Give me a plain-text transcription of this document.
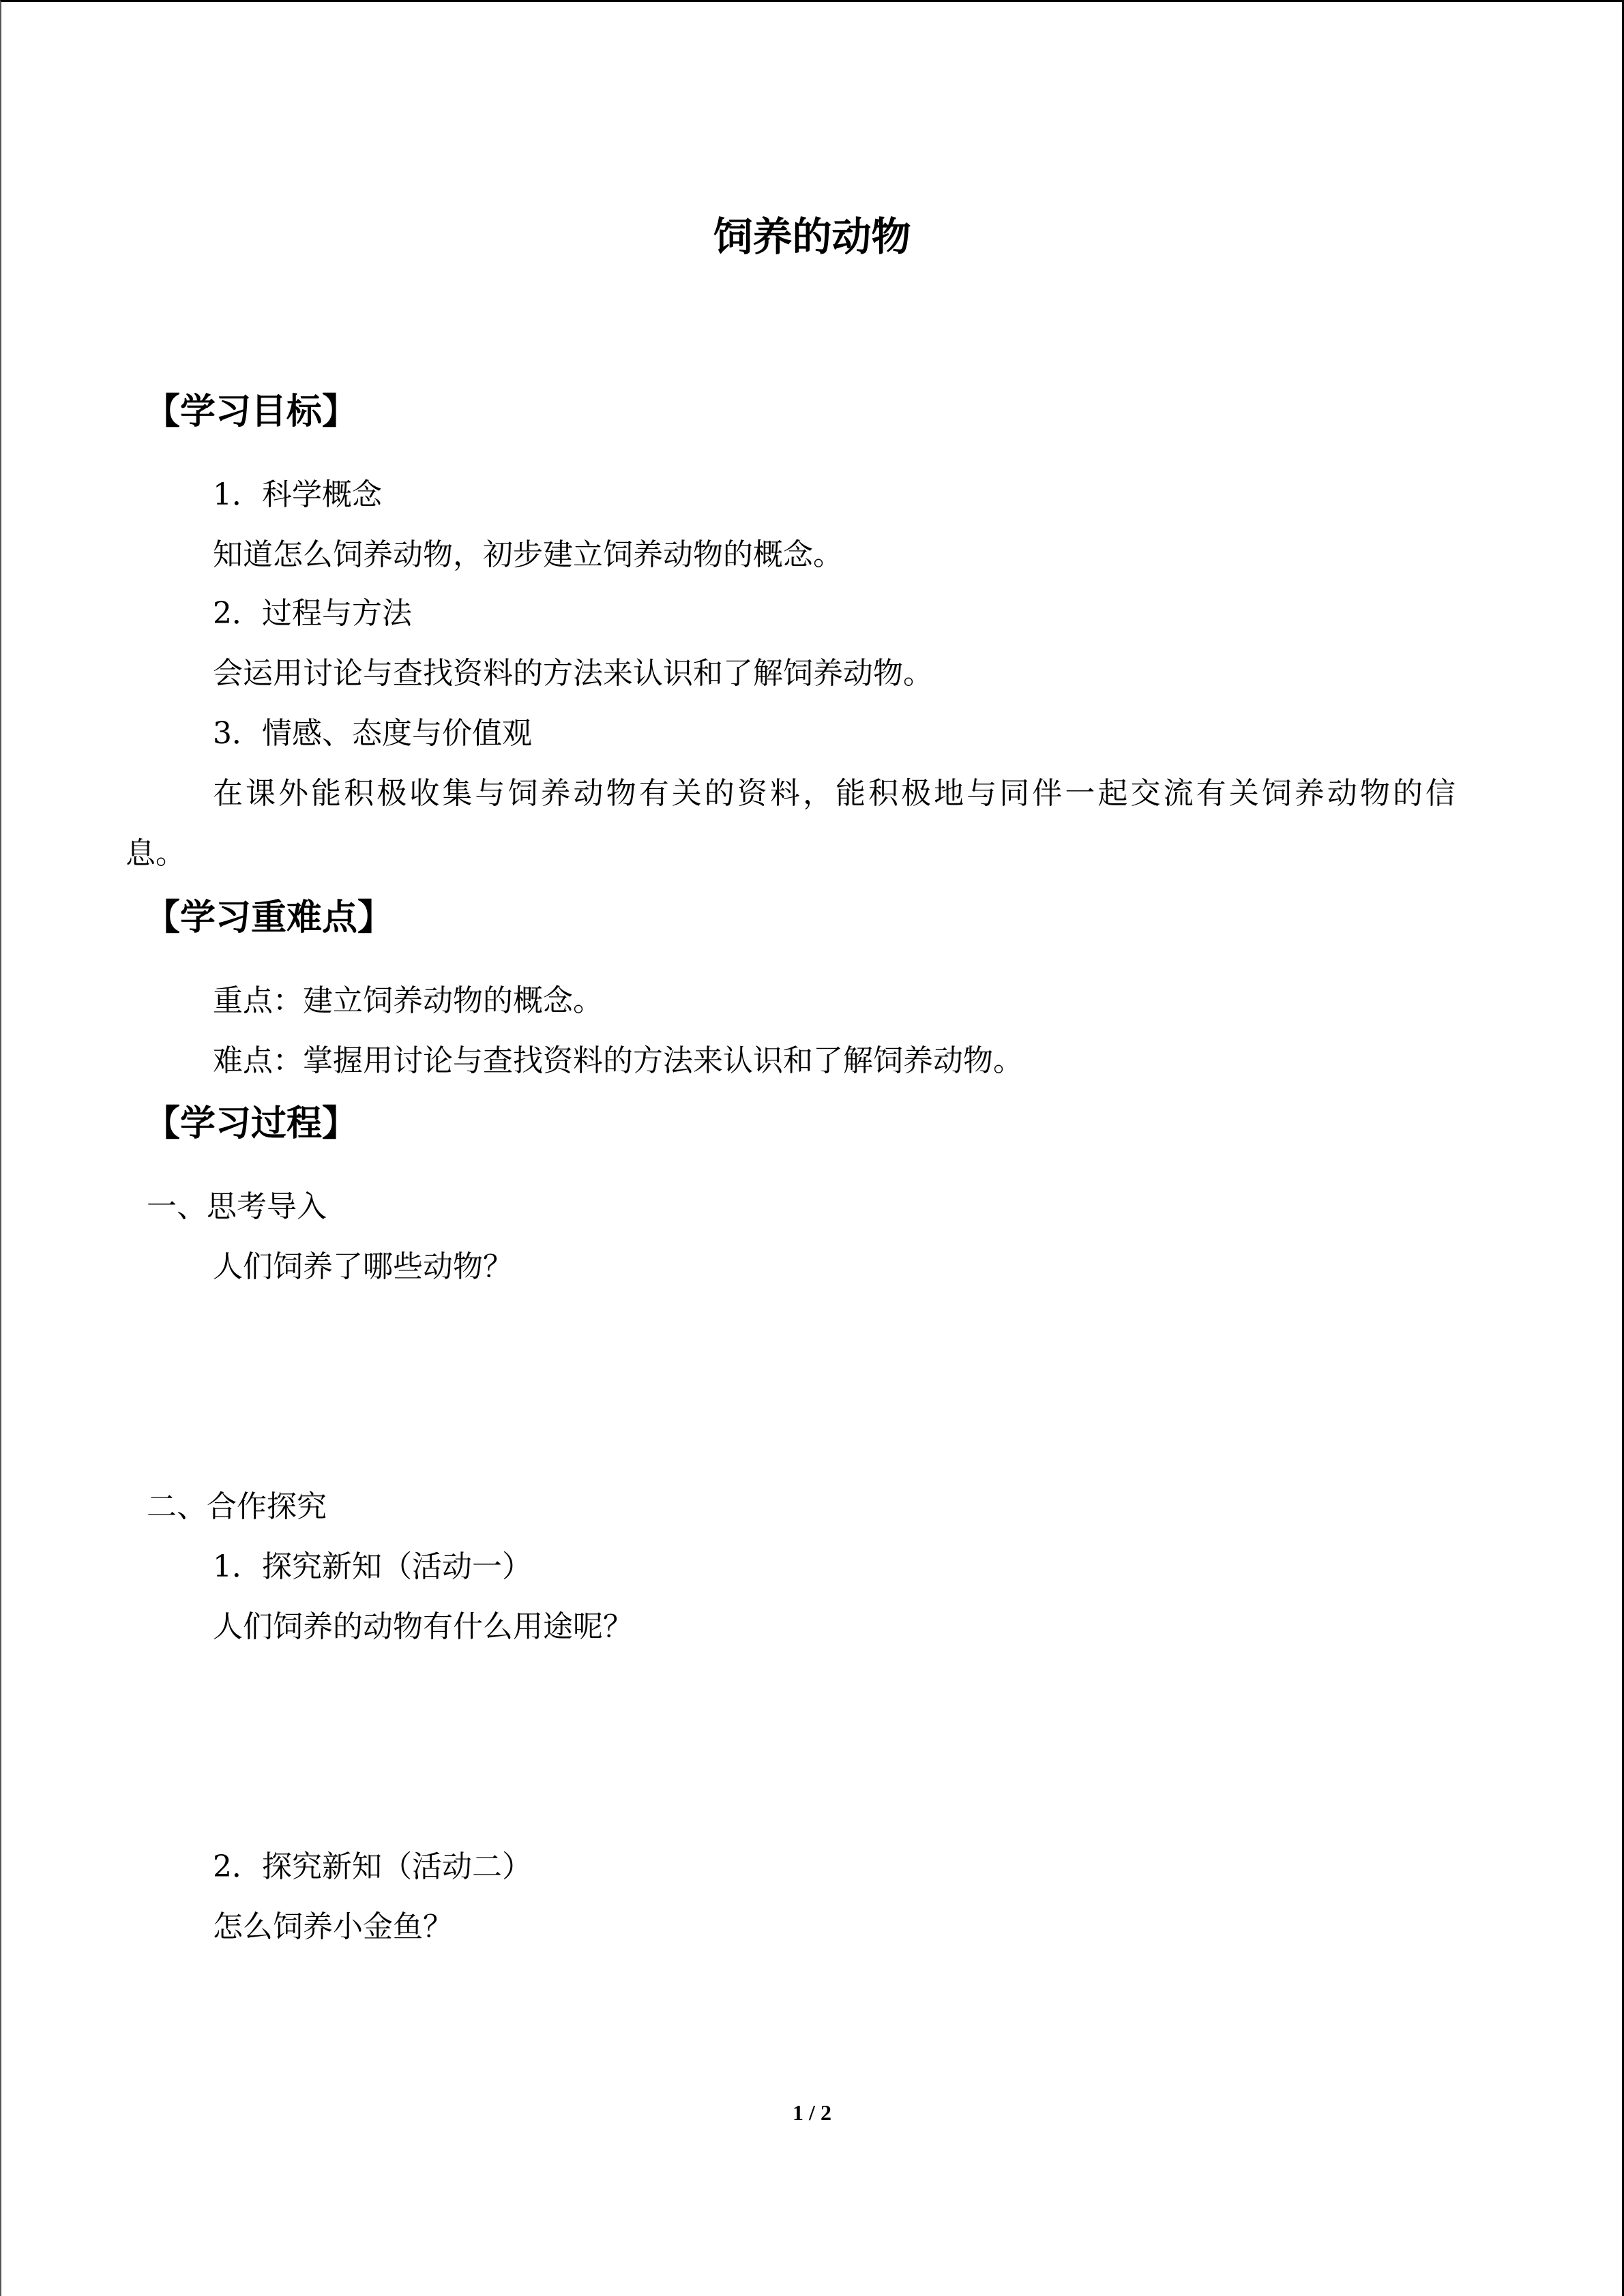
饲养的动物
【学习目标】
1．科学概念
知道怎么饲养动物，初步建立饲养动物的概念。
2．过程与方法
会运用讨论与查找资料的方法来认识和了解饲养动物。
3．情感、态度与价值观
在课外能积极收集与饲养动物有关的资料，能积极地与同伴一起交流有关饲养动物的信
息。
【学习重难点】
重点：建立饲养动物的概念。
难点：掌握用讨论与查找资料的方法来认识和了解饲养动物。
【学习过程】
一、思考导入
人们饲养了哪些动物？
二、合作探究
1．探究新知（活动一）
人们饲养的动物有什么用途呢？
2．探究新知（活动二）
怎么饲养小金鱼？
1 / 2
